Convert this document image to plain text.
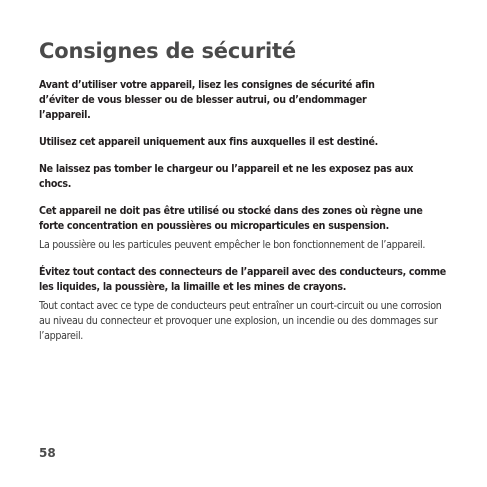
Consignes de sécurité

Avant d’utiliser votre appareil, lisez les consignes de sécurité afin d’éviter de vous blesser ou de blesser autrui, ou d’endommager l’appareil.

Utilisez cet appareil uniquement aux fins auxquelles il est destiné.

Ne laissez pas tomber le chargeur ou l’appareil et ne les exposez pas aux chocs.

Cet appareil ne doit pas être utilisé ou stocké dans des zones où règne une forte concentration en poussières ou microparticules en suspension.

La poussière ou les particules peuvent empêcher le bon fonctionnement de l’appareil.

Évitez tout contact des connecteurs de l’appareil avec des conducteurs, comme les liquides, la poussière, la limaille et les mines de crayons.

Tout contact avec ce type de conducteurs peut entraîner un court-circuit ou une corrosion au niveau du connecteur et provoquer une explosion, un incendie ou des dommages sur l’appareil.

58
